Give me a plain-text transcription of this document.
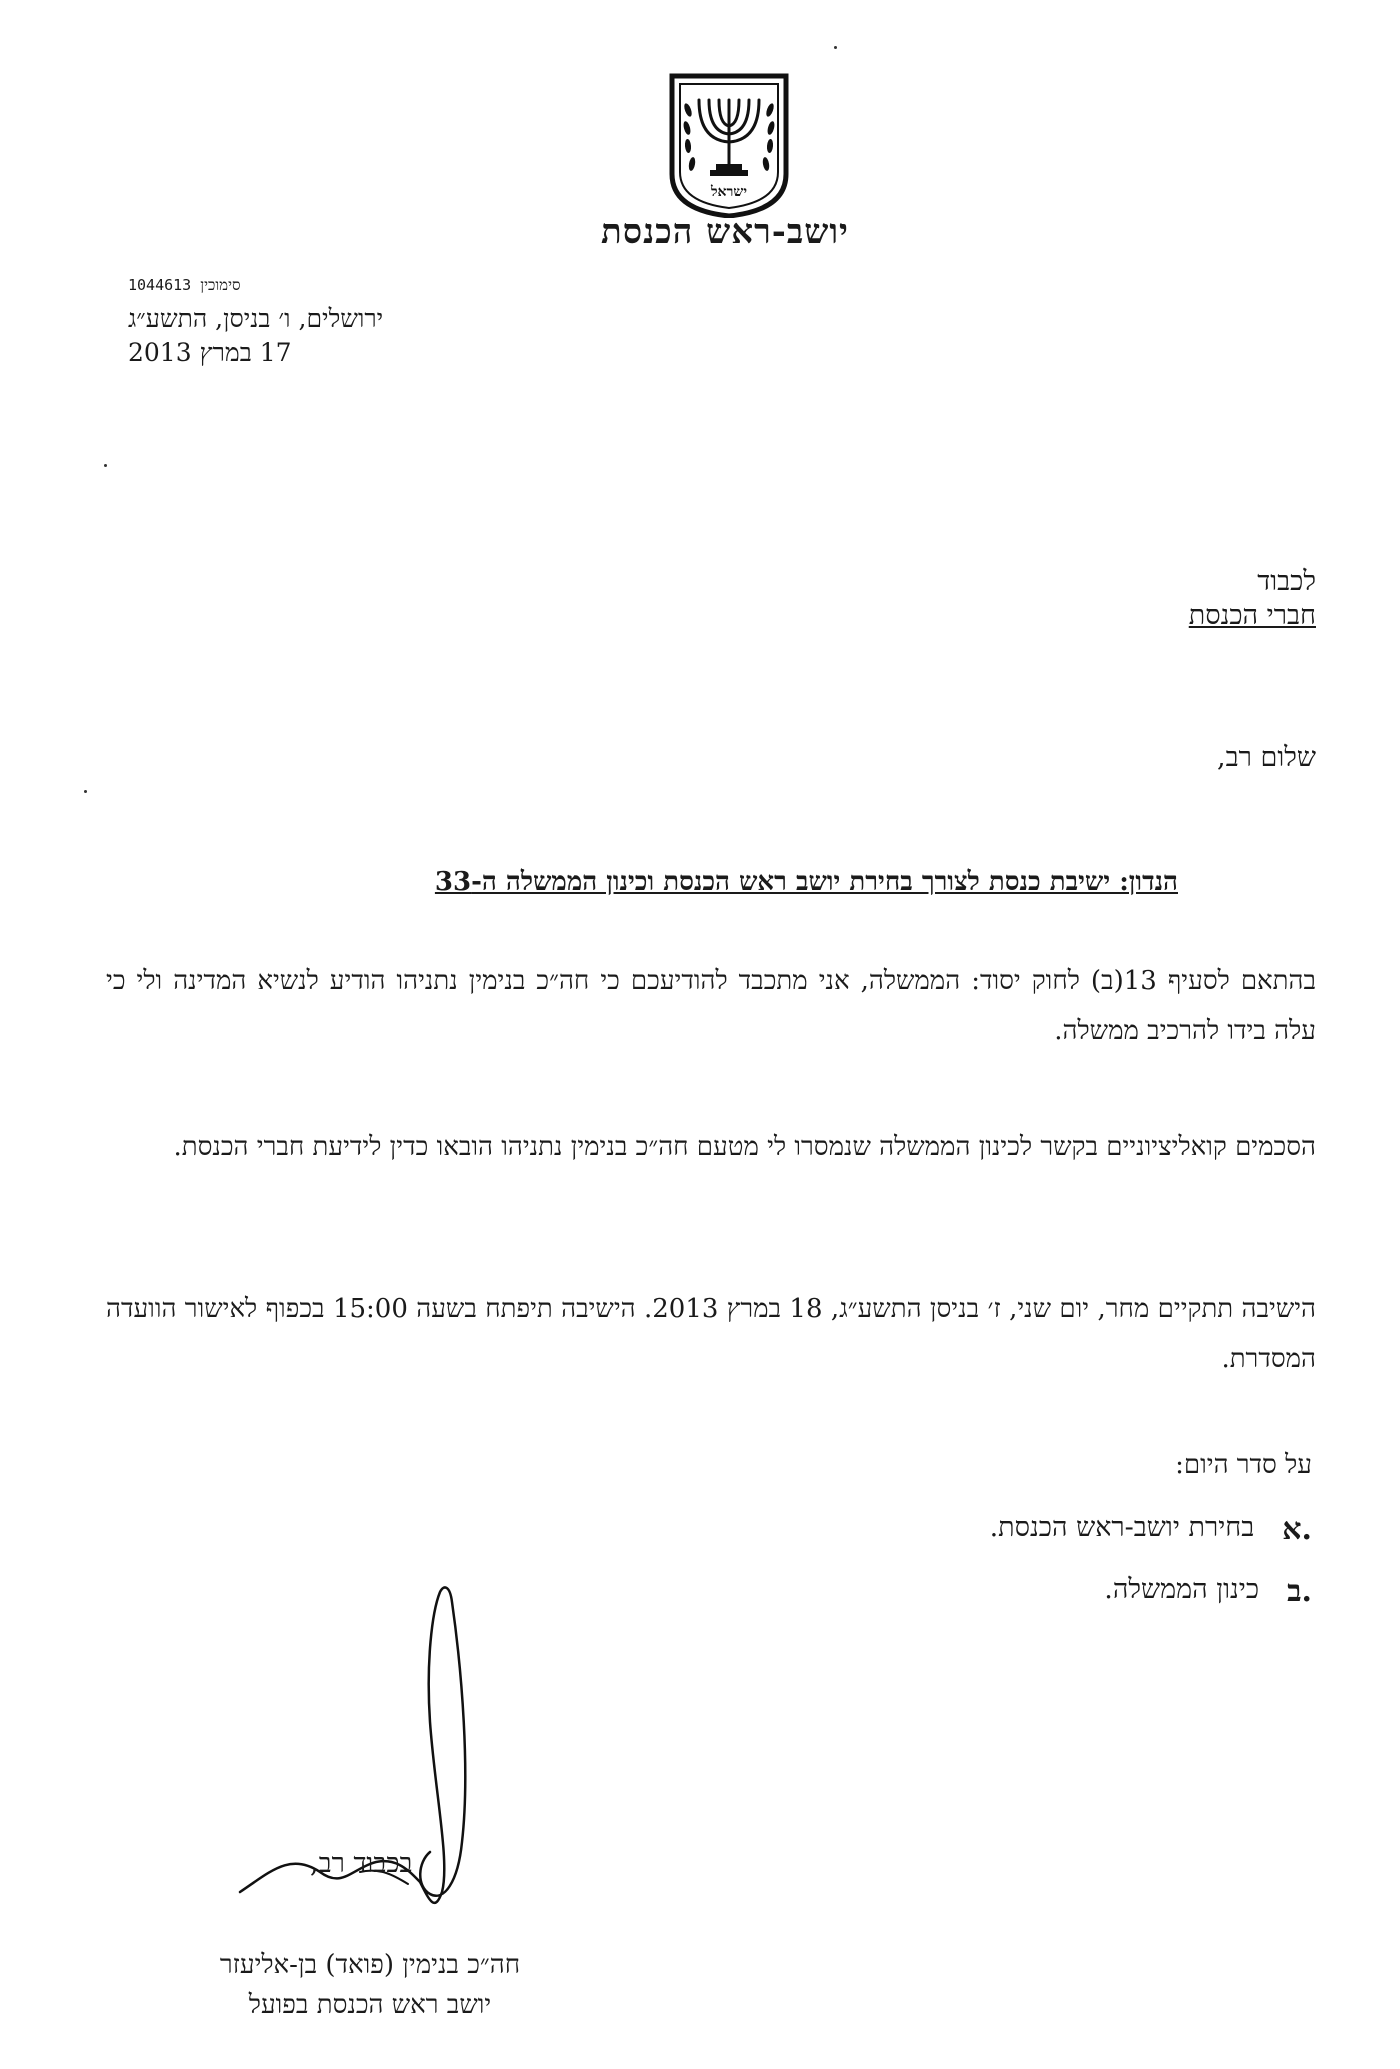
ישראל
יושב-ראש הכנסת
סימוכין 1044613
ירושלים, ו׳ בניסן, התשע״ג
17 במרץ 2013
לכבוד
חברי הכנסת
שלום רב,
הנדון: ישיבת כנסת לצורך בחירת יושב ראש הכנסת וכינון הממשלה ה-33
בהתאם לסעיף 13(ב) לחוק יסוד: הממשלה, אני מתכבד להודיעכם כי חה״כ בנימין נתניהו הודיע לנשיא המדינה ולי כי עלה בידו להרכיב ממשלה.
הסכמים קואליציוניים בקשר לכינון הממשלה שנמסרו לי מטעם חה״כ בנימין נתניהו הובאו כדין לידיעת חברי הכנסת.
הישיבה תתקיים מחר, יום שני, ז׳ בניסן התשע״ג, 18 במרץ 2013. הישיבה תיפתח בשעה 15:00 בכפוף לאישור הוועדה המסדרת.
על סדר היום:
א.
בחירת יושב-ראש הכנסת.
ב.
כינון הממשלה.
בכבוד רב,
חה״כ בנימין (פואד) בן-אליעזר
יושב ראש הכנסת בפועל
